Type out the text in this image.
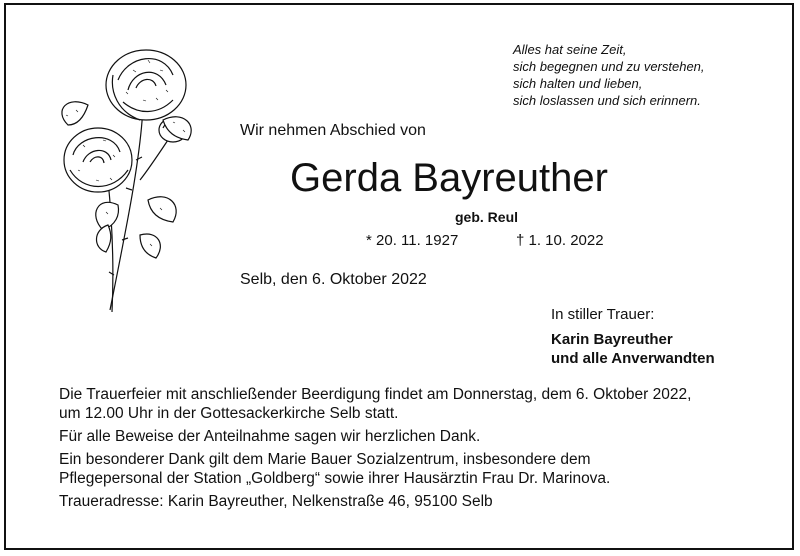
Alles hat seine Zeit,
sich begegnen und zu verstehen,
sich halten und lieben,
sich loslassen und sich erinnern.
Wir nehmen Abschied von
Gerda Bayreuther
geb. Reul
* 20. 11. 1927	† 1. 10. 2022
Selb, den 6. Oktober 2022
In stiller Trauer:
Karin Bayreuther
und alle Anverwandten

Die Trauerfeier mit anschließender Beerdigung findet am Donnerstag, dem 6. Oktober 2022,

um 12.00 Uhr in der Gottesackerkirche Selb statt.

Für alle Beweise der Anteilnahme sagen wir herzlichen Dank.

Ein besonderer Dank gilt dem Marie Bauer Sozialzentrum, insbesondere dem

Pflegepersonal der Station „Goldberg“ sowie ihrer Hausärztin Frau Dr. Marinova.

Traueradresse: Karin Bayreuther, Nelkenstraße 46, 95100 Selb
